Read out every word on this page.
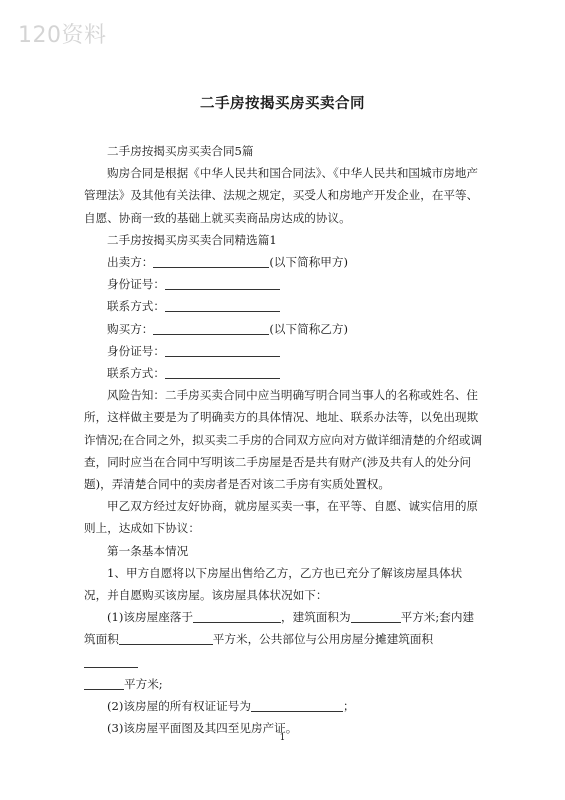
120资料
二手房按揭买房买卖合同

二手房按揭买房买卖合同5篇

购房合同是根据《中华人民共和国合同法》、《中华人民共和国城市房地产管理法》及其他有关法律、法规之规定，买受人和房地产开发企业，在平等、自愿、协商一致的基础上就买卖商品房达成的协议。

二手房按揭买房买卖合同精选篇1

出卖方：	(以下简称甲方)
身份证号：
联系方式：
购买方：	(以下简称乙方)
身份证号：
联系方式：

风险告知：二手房买卖合同中应当明确写明合同当事人的名称或姓名、住所，这样做主要是为了明确卖方的具体情况、地址、联系办法等，以免出现欺诈情况;在合同之外，拟买卖二手房的合同双方应向对方做详细清楚的介绍或调查，同时应当在合同中写明该二手房屋是否是共有财产(涉及共有人的处分问题)，弄清楚合同中的卖房者是否对该二手房有实质处置权。

甲乙双方经过友好协商，就房屋买卖一事，在平等、自愿、诚实信用的原则上，达成如下协议：

第一条基本情况

1、甲方自愿将以下房屋出售给乙方，乙方也已充分了解该房屋具体状况，并自愿购买该房屋。该房屋具体状况如下：

(1)该房屋座落于	，建筑面积为	平方米;套内建筑面积	平方米，公共部位与公用房屋分摊建筑面积
平方米;
(2)该房屋的所有权证证号为	；

(3)该房屋平面图及其四至见房产证。

1
